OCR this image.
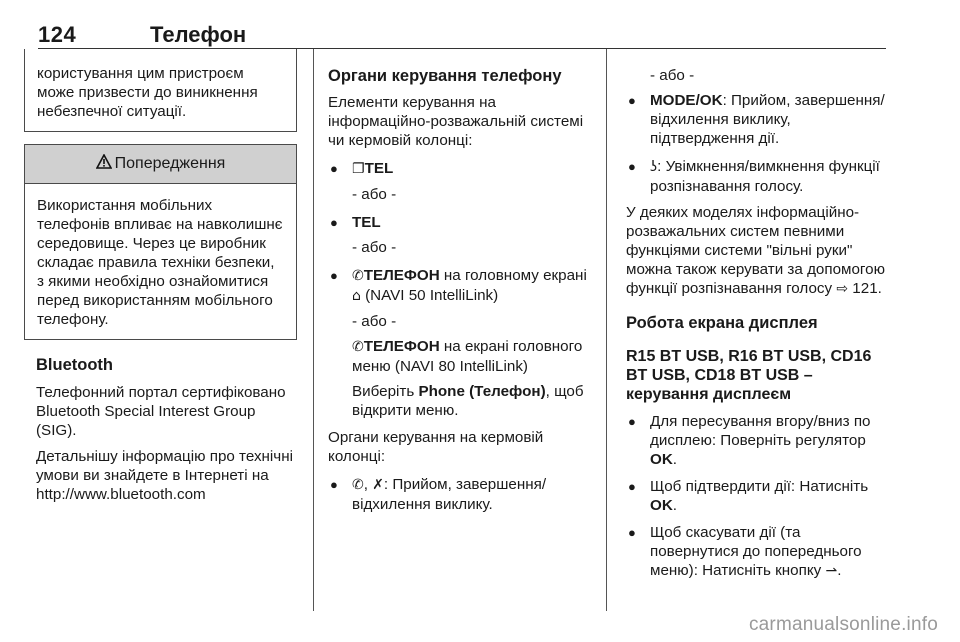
124	Телефон

користування цим пристроєм може призвести до виникнення небезпечної ситуації.

Попередження

Використання мобільних телефонів впливає на навколишнє середовище. Через це виробник складає правила техніки безпеки, з якими необхідно ознайомитися перед використанням мобільного телефону.

Bluetooth

Телефонний портал сертифіковано Bluetooth Special Interest Group (SIG).

Детальнішу інформацію про технічні умови ви знайдете в Інтернеті на http://www.bluetooth.com

Органи керування телефону

Елементи керування на інформаційно-розважальній системі чи кермовій колонці:

● ❐TEL

- або -

● TEL

- або -

● ✆ТЕЛЕФОН на головному екрані ⌂ (NAVI 50 IntelliLink)

- або -

✆ТЕЛЕФОН на екрані головного меню (NAVI 80 IntelliLink)

Виберіть Phone (Телефон), щоб відкрити меню.

Органи керування на кермовій колонці:

● ✆, ✗: Прийом, завершення/ відхилення виклику.

- або -

● MODE/OK: Прийом, завершення/відхилення виклику, підтвердження дії.

● ʖ: Увімкнення/вимкнення функції розпізнавання голосу.

У деяких моделях інформаційно-розважальних систем певними функціями системи "вільні руки" можна також керувати за допомогою функції розпізнавання голосу ⇨ 121.

Робота екрана дисплея
R15 BT USB, R16 BT USB, CD16 BT USB, CD18 BT USB – керування дисплеєм

● Для пересування вгору/вниз по дисплею: Поверніть регулятор OK.

● Щоб підтвердити дії: Натисніть OK.

● Щоб скасувати дії (та повернутися до попереднього меню): Натисніть кнопку ⇀.

carmanualsonline.info
